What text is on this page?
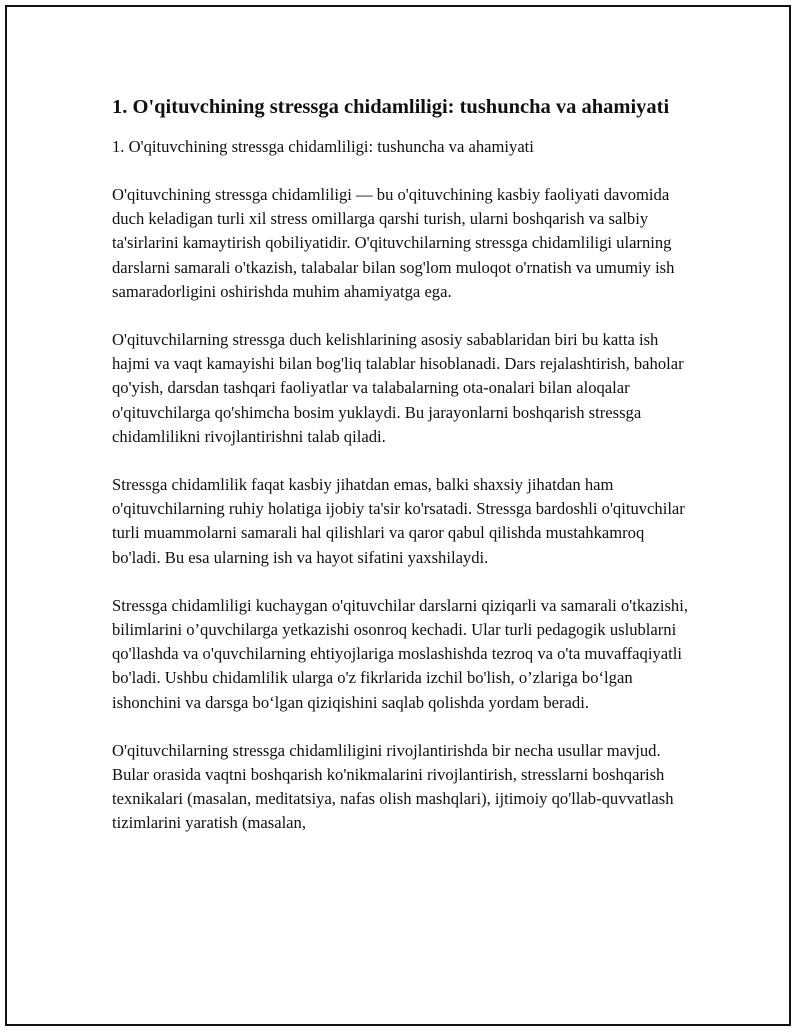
1. O'qituvchining stressga chidamliligi: tushuncha va ahamiyati

1. O'qituvchining stressga chidamliligi: tushuncha va ahamiyati

O'qituvchining stressga chidamliligi — bu o'qituvchining kasbiy faoliyati davomida duch keladigan turli xil stress omillarga qarshi turish, ularni boshqarish va salbiy ta'sirlarini kamaytirish qobiliyatidir. O'qituvchilarning stressga chidamliligi ularning darslarni samarali o'tkazish, talabalar bilan sog'lom muloqot o'rnatish va umumiy ish samaradorligini oshirishda muhim ahamiyatga ega.

O'qituvchilarning stressga duch kelishlarining asosiy sabablaridan biri bu katta ish hajmi va vaqt kamayishi bilan bog'liq talablar hisoblanadi. Dars rejalashtirish, baholar qo'yish, darsdan tashqari faoliyatlar va talabalarning ota-onalari bilan aloqalar o'qituvchilarga qo'shimcha bosim yuklaydi. Bu jarayonlarni boshqarish stressga chidamlilikni rivojlantirishni talab qiladi.

Stressga chidamlilik faqat kasbiy jihatdan emas, balki shaxsiy jihatdan ham o'qituvchilarning ruhiy holatiga ijobiy ta'sir ko'rsatadi. Stressga bardoshli o'qituvchilar turli muammolarni samarali hal qilishlari va qaror qabul qilishda mustahkamroq bo'ladi. Bu esa ularning ish va hayot sifatini yaxshilaydi.

Stressga chidamliligi kuchaygan o'qituvchilar darslarni qiziqarli va samarali o'tkazishi, bilimlarini o’quvchilarga yetkazishi osonroq kechadi. Ular turli pedagogik uslublarni qo'llashda va o'quvchilarning ehtiyojlariga moslashishda tezroq va o'ta muvaffaqiyatli bo'ladi. Ushbu chidamlilik ularga o'z fikrlarida izchil bo'lish, o’zlariga bo‘lgan ishonchini va darsga bo‘lgan qiziqishini saqlab qolishda yordam beradi.

O'qituvchilarning stressga chidamliligini rivojlantirishda bir necha usullar mavjud. Bular orasida vaqtni boshqarish ko'nikmalarini rivojlantirish, stresslarni boshqarish texnikalari (masalan, meditatsiya, nafas olish mashqlari), ijtimoiy qo'llab-quvvatlash tizimlarini yaratish (masalan,
